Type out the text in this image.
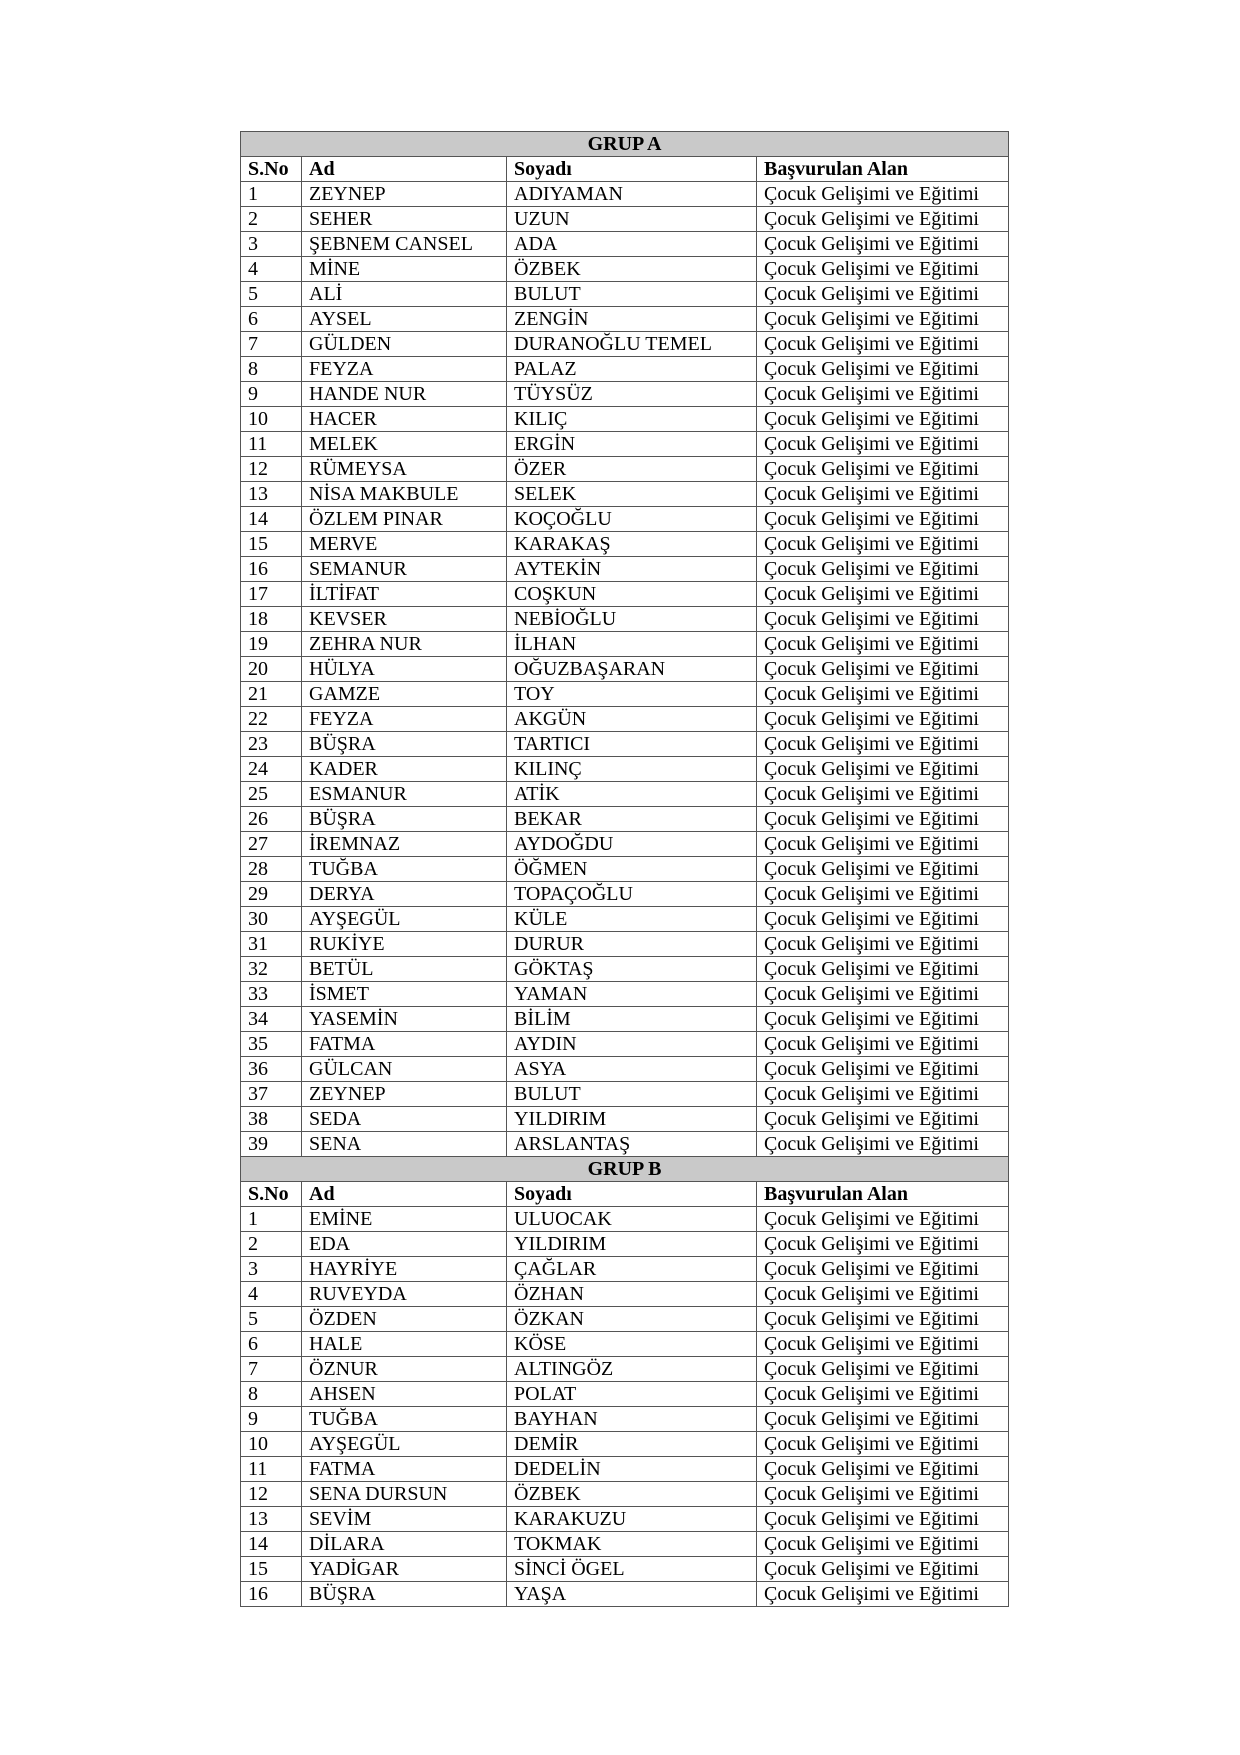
GRUP A			
S.No	Ad	Soyadı	Başvurulan Alan
1	ZEYNEP	ADIYAMAN	Çocuk Gelişimi ve Eğitimi
2	SEHER	UZUN	Çocuk Gelişimi ve Eğitimi
3	ŞEBNEM CANSEL	ADA	Çocuk Gelişimi ve Eğitimi
4	MİNE	ÖZBEK	Çocuk Gelişimi ve Eğitimi
5	ALİ	BULUT	Çocuk Gelişimi ve Eğitimi
6	AYSEL	ZENGİN	Çocuk Gelişimi ve Eğitimi
7	GÜLDEN	DURANOĞLU TEMEL	Çocuk Gelişimi ve Eğitimi
8	FEYZA	PALAZ	Çocuk Gelişimi ve Eğitimi
9	HANDE NUR	TÜYSÜZ	Çocuk Gelişimi ve Eğitimi
10	HACER	KILIÇ	Çocuk Gelişimi ve Eğitimi
11	MELEK	ERGİN	Çocuk Gelişimi ve Eğitimi
12	RÜMEYSA	ÖZER	Çocuk Gelişimi ve Eğitimi
13	NİSA MAKBULE	SELEK	Çocuk Gelişimi ve Eğitimi
14	ÖZLEM PINAR	KOÇOĞLU	Çocuk Gelişimi ve Eğitimi
15	MERVE	KARAKAŞ	Çocuk Gelişimi ve Eğitimi
16	SEMANUR	AYTEKİN	Çocuk Gelişimi ve Eğitimi
17	İLTİFAT	COŞKUN	Çocuk Gelişimi ve Eğitimi
18	KEVSER	NEBİOĞLU	Çocuk Gelişimi ve Eğitimi
19	ZEHRA NUR	İLHAN	Çocuk Gelişimi ve Eğitimi
20	HÜLYA	OĞUZBAŞARAN	Çocuk Gelişimi ve Eğitimi
21	GAMZE	TOY	Çocuk Gelişimi ve Eğitimi
22	FEYZA	AKGÜN	Çocuk Gelişimi ve Eğitimi
23	BÜŞRA	TARTICI	Çocuk Gelişimi ve Eğitimi
24	KADER	KILINÇ	Çocuk Gelişimi ve Eğitimi
25	ESMANUR	ATİK	Çocuk Gelişimi ve Eğitimi
26	BÜŞRA	BEKAR	Çocuk Gelişimi ve Eğitimi
27	İREMNAZ	AYDOĞDU	Çocuk Gelişimi ve Eğitimi
28	TUĞBA	ÖĞMEN	Çocuk Gelişimi ve Eğitimi
29	DERYA	TOPAÇOĞLU	Çocuk Gelişimi ve Eğitimi
30	AYŞEGÜL	KÜLE	Çocuk Gelişimi ve Eğitimi
31	RUKİYE	DURUR	Çocuk Gelişimi ve Eğitimi
32	BETÜL	GÖKTAŞ	Çocuk Gelişimi ve Eğitimi
33	İSMET	YAMAN	Çocuk Gelişimi ve Eğitimi
34	YASEMİN	BİLİM	Çocuk Gelişimi ve Eğitimi
35	FATMA	AYDIN	Çocuk Gelişimi ve Eğitimi
36	GÜLCAN	ASYA	Çocuk Gelişimi ve Eğitimi
37	ZEYNEP	BULUT	Çocuk Gelişimi ve Eğitimi
38	SEDA	YILDIRIM	Çocuk Gelişimi ve Eğitimi
39	SENA	ARSLANTAŞ	Çocuk Gelişimi ve Eğitimi
GRUP B			
S.No	Ad	Soyadı	Başvurulan Alan
1	EMİNE	ULUOCAK	Çocuk Gelişimi ve Eğitimi
2	EDA	YILDIRIM	Çocuk Gelişimi ve Eğitimi
3	HAYRİYE	ÇAĞLAR	Çocuk Gelişimi ve Eğitimi
4	RUVEYDA	ÖZHAN	Çocuk Gelişimi ve Eğitimi
5	ÖZDEN	ÖZKAN	Çocuk Gelişimi ve Eğitimi
6	HALE	KÖSE	Çocuk Gelişimi ve Eğitimi
7	ÖZNUR	ALTINGÖZ	Çocuk Gelişimi ve Eğitimi
8	AHSEN	POLAT	Çocuk Gelişimi ve Eğitimi
9	TUĞBA	BAYHAN	Çocuk Gelişimi ve Eğitimi
10	AYŞEGÜL	DEMİR	Çocuk Gelişimi ve Eğitimi
11	FATMA	DEDELİN	Çocuk Gelişimi ve Eğitimi
12	SENA DURSUN	ÖZBEK	Çocuk Gelişimi ve Eğitimi
13	SEVİM	KARAKUZU	Çocuk Gelişimi ve Eğitimi
14	DİLARA	TOKMAK	Çocuk Gelişimi ve Eğitimi
15	YADİGAR	SİNCİ ÖGEL	Çocuk Gelişimi ve Eğitimi
16	BÜŞRA	YAŞA	Çocuk Gelişimi ve Eğitimi
